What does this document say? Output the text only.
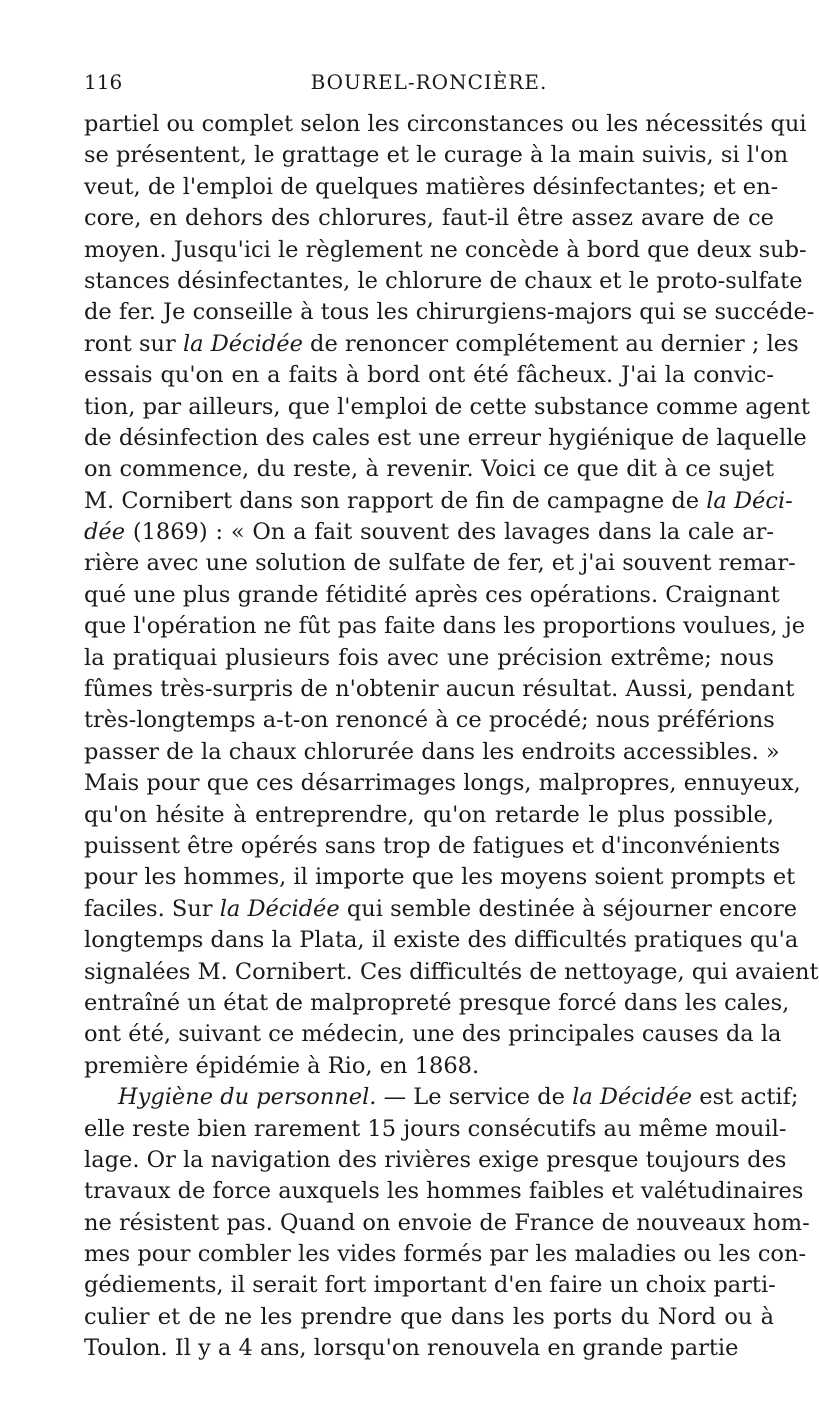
116	BOUREL-RONCIÈRE.
partiel ou complet selon les circonstances ou les nécessités qui
se présentent, le grattage et le curage à la main suivis, si l'on
veut, de l'emploi de quelques matières désinfectantes; et en-
core, en dehors des chlorures, faut-il être assez avare de ce
moyen. Jusqu'ici le règlement ne concède à bord que deux sub-
stances désinfectantes, le chlorure de chaux et le proto-sulfate
de fer. Je conseille à tous les chirurgiens-majors qui se succéde-
ront sur la Décidée de renoncer complétement au dernier ; les
essais qu'on en a faits à bord ont été fâcheux. J'ai la convic-
tion, par ailleurs, que l'emploi de cette substance comme agent
de désinfection des cales est une erreur hygiénique de laquelle
on commence, du reste, à revenir. Voici ce que dit à ce sujet
M. Cornibert dans son rapport de fin de campagne de la Déci-
dée (1869) : « On a fait souvent des lavages dans la cale ar-
rière avec une solution de sulfate de fer, et j'ai souvent remar-
qué une plus grande fétidité après ces opérations. Craignant
que l'opération ne fût pas faite dans les proportions voulues, je
la pratiquai plusieurs fois avec une précision extrême; nous
fûmes très-surpris de n'obtenir aucun résultat. Aussi, pendant
très-longtemps a-t-on renoncé à ce procédé; nous préférions
passer de la chaux chlorurée dans les endroits accessibles. »
Mais pour que ces désarrimages longs, malpropres, ennuyeux,
qu'on hésite à entreprendre, qu'on retarde le plus possible,
puissent être opérés sans trop de fatigues et d'inconvénients
pour les hommes, il importe que les moyens soient prompts et
faciles. Sur la Décidée qui semble destinée à séjourner encore
longtemps dans la Plata, il existe des difficultés pratiques qu'a
signalées M. Cornibert. Ces difficultés de nettoyage, qui avaient
entraîné un état de malpropreté presque forcé dans les cales,
ont été, suivant ce médecin, une des principales causes da la
première épidémie à Rio, en 1868.
Hygiène du personnel. — Le service de la Décidée est actif;
elle reste bien rarement 15 jours consécutifs au même mouil-
lage. Or la navigation des rivières exige presque toujours des
travaux de force auxquels les hommes faibles et valétudinaires
ne résistent pas. Quand on envoie de France de nouveaux hom-
mes pour combler les vides formés par les maladies ou les con-
gédiements, il serait fort important d'en faire un choix parti-
culier et de ne les prendre que dans les ports du Nord ou à
Toulon. Il y a 4 ans, lorsqu'on renouvela en grande partie
